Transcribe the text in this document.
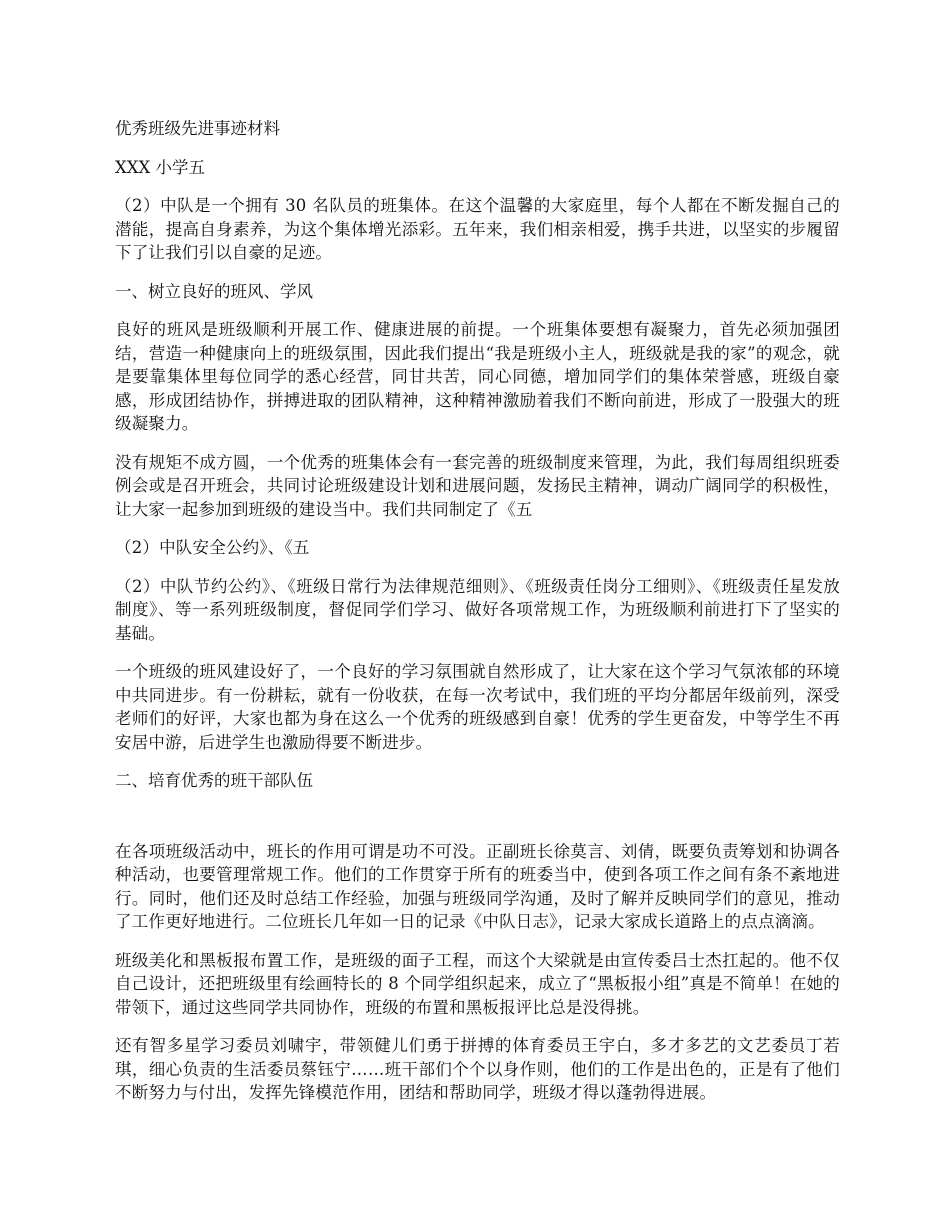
优秀班级先进事迹材料
XXX 小学五
（2）中队是一个拥有 30 名队员的班集体。在这个温馨的大家庭里，每个人都在不断发掘自己的潜能，提高自身素养，为这个集体增光添彩。五年来，我们相亲相爱，携手共进，以坚实的步履留下了让我们引以自豪的足迹。
一、树立良好的班风、学风
良好的班风是班级顺利开展工作、健康进展的前提。一个班集体要想有凝聚力，首先必须加强团结，营造一种健康向上的班级氛围，因此我们提出“我是班级小主人，班级就是我的家”的观念，就是要靠集体里每位同学的悉心经营，同甘共苦，同心同德，增加同学们的集体荣誉感，班级自豪感，形成团结协作，拼搏进取的团队精神，这种精神激励着我们不断向前进，形成了一股强大的班级凝聚力。
没有规矩不成方圆，一个优秀的班集体会有一套完善的班级制度来管理，为此，我们每周组织班委例会或是召开班会，共同讨论班级建设计划和进展问题，发扬民主精神，调动广阔同学的积极性，让大家一起参加到班级的建设当中。我们共同制定了《五
（2）中队安全公约》、《五
（2）中队节约公约》、《班级日常行为法律规范细则》、《班级责任岗分工细则》、《班级责任星发放制度》、等一系列班级制度，督促同学们学习、做好各项常规工作，为班级顺利前进打下了坚实的基础。
一个班级的班风建设好了，一个良好的学习氛围就自然形成了，让大家在这个学习气氛浓郁的环境中共同进步。有一份耕耘，就有一份收获，在每一次考试中，我们班的平均分都居年级前列，深受老师们的好评，大家也都为身在这么一个优秀的班级感到自豪！优秀的学生更奋发，中等学生不再安居中游，后进学生也激励得要不断进步。
二、培育优秀的班干部队伍
在各项班级活动中，班长的作用可谓是功不可没。正副班长徐莫言、刘倩，既要负责筹划和协调各种活动，也要管理常规工作。他们的工作贯穿于所有的班委当中，使到各项工作之间有条不紊地进行。同时，他们还及时总结工作经验，加强与班级同学沟通，及时了解并反映同学们的意见，推动了工作更好地进行。二位班长几年如一日的记录《中队日志》，记录大家成长道路上的点点滴滴。
班级美化和黑板报布置工作，是班级的面子工程，而这个大梁就是由宣传委吕士杰扛起的。他不仅自己设计，还把班级里有绘画特长的 8 个同学组织起来，成立了“黑板报小组”真是不简单！在她的带领下，通过这些同学共同协作，班级的布置和黑板报评比总是没得挑。
还有智多星学习委员刘啸宇，带领健儿们勇于拼搏的体育委员王宇白，多才多艺的文艺委员丁若琪，细心负责的生活委员蔡钰宁……班干部们个个以身作则，他们的工作是出色的，正是有了他们不断努力与付出，发挥先锋模范作用，团结和帮助同学，班级才得以蓬勃得进展。
